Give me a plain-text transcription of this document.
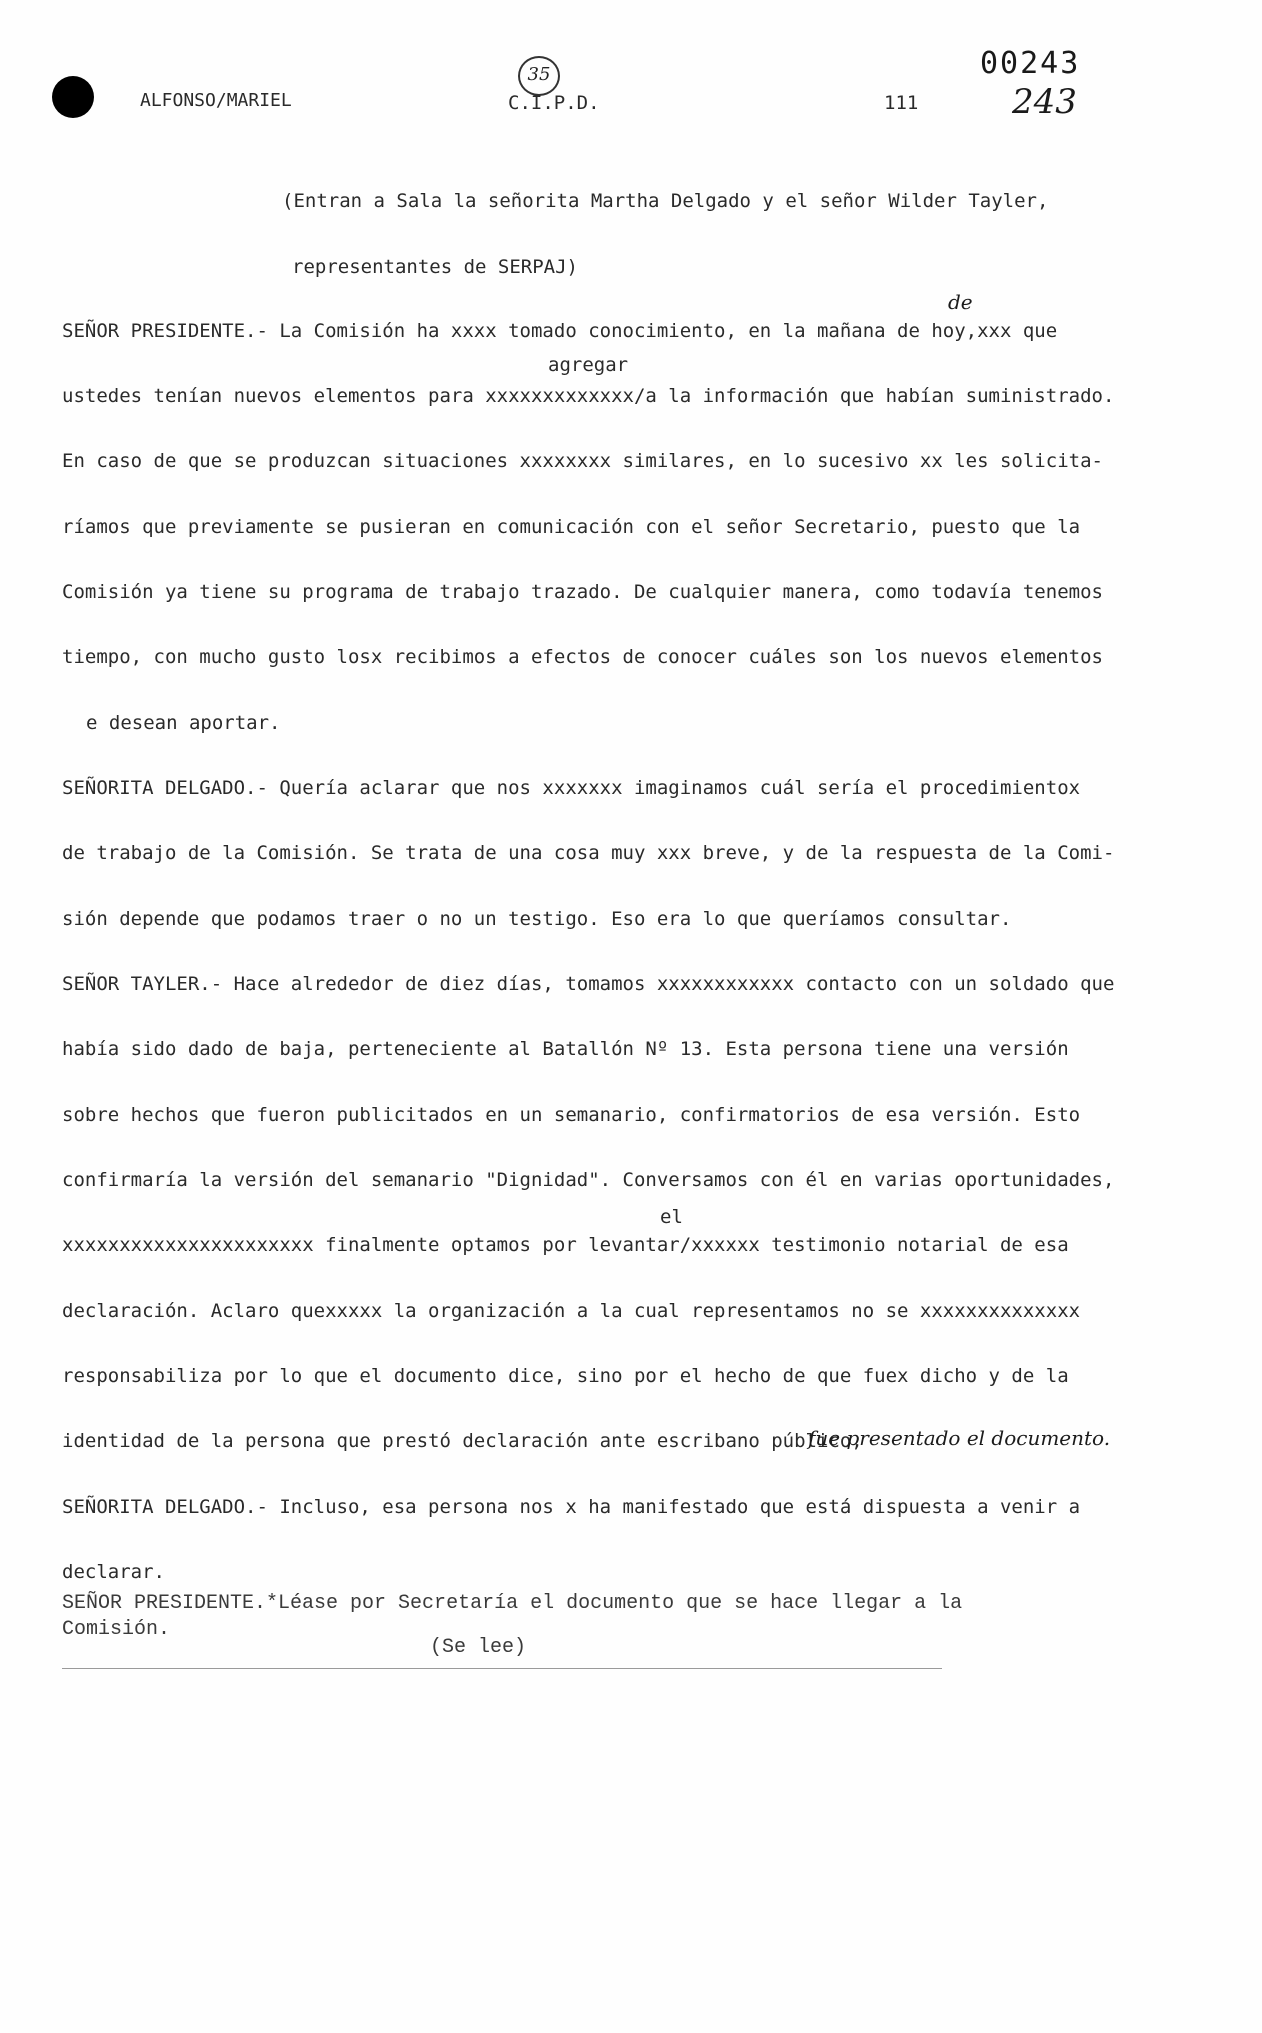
ALFONSO/MARIEL
35
C.I.P.D.	111
00243
243
(Entran a Sala la señorita Martha Delgado y el señor Wilder Tayler,
representantes de SERPAJ)
de
SEÑOR PRESIDENTE.- La Comisión ha xxxx tomado conocimiento, en la mañana de hoy,xxx que
agregar
ustedes tenían nuevos elementos para xxxxxxxxxxxxx/a la información que habían suministrado.
En caso de que se produzcan situaciones xxxxxxxx similares, en lo sucesivo xx les solicita-
ríamos que previamente se pusieran en comunicación con el señor Secretario, puesto que la
Comisión ya tiene su programa de trabajo trazado. De cualquier manera, como todavía tenemos
tiempo, con mucho gusto losx recibimos a efectos de conocer cuáles son los nuevos elementos
e desean aportar.
SEÑORITA DELGADO.- Quería aclarar que nos xxxxxxx imaginamos cuál sería el procedimientox
de trabajo de la Comisión. Se trata de una cosa muy xxx breve, y de la respuesta de la Comi-
sión depende que podamos traer o no un testigo. Eso era lo que queríamos consultar.
SEÑOR TAYLER.- Hace alrededor de diez días, tomamos xxxxxxxxxxxx contacto con un soldado que
había sido dado de baja, perteneciente al Batallón Nº 13. Esta persona tiene una versión
sobre hechos que fueron publicitados en un semanario, confirmatorios de esa versión. Esto
confirmaría la versión del semanario "Dignidad". Conversamos con él en varias oportunidades,
el
xxxxxxxxxxxxxxxxxxxxxx finalmente optamos por levantar/xxxxxx testimonio notarial de esa
declaración. Aclaro quexxxxx la organización a la cual representamos no se xxxxxxxxxxxxxx
responsabiliza por lo que el documento dice, sino por el hecho de que fuex dicho y de la
identidad de la persona que prestó declaración ante escribano público,
fue presentado el documento.
SEÑORITA DELGADO.- Incluso, esa persona nos x ha manifestado que está dispuesta a venir a
declarar.
SEÑOR PRESIDENTE.*Léase por Secretaría el documento que se hace llegar a la
Comisión.
(Se lee)
